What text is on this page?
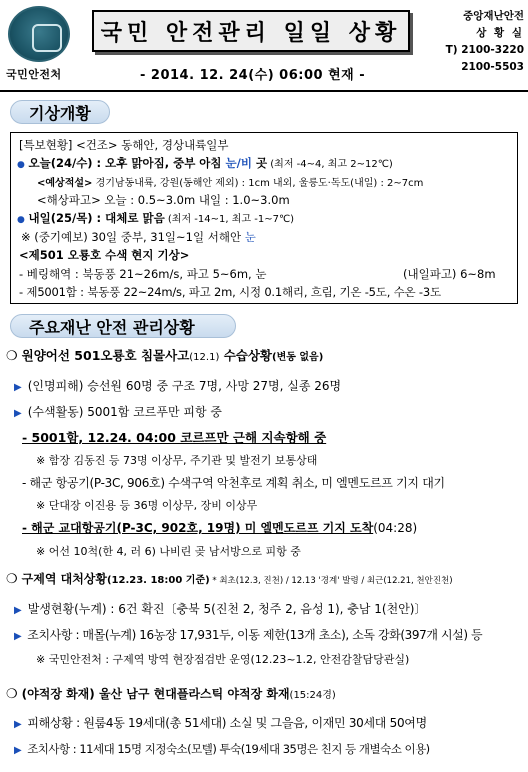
국민안전처
국민 안전관리 일일 상황
- 2014. 12. 24(수) 06:00 현재 -
중앙재난안전
상 황 실
T) 2100-3220
2100-5503
기상개황
[특보현황] <건조> 동해안, 경상내륙일부
● 오늘(24/수) : 오후 맑아짐, 중부 아침 눈/비 곳 (최저 -4~4, 최고 2~12℃)
<예상적설> 경기남동내륙, 강원(동해안 제외) : 1cm 내외, 울릉도·독도(내일) : 2~7cm
<해상파고> 오늘 : 0.5~3.0m 내일 : 1.0~3.0m
● 내일(25/목) : 대체로 맑음 (최저 -14~1, 최고 -1~7℃)
※ (중기예보) 30일 중부, 31일~1일 서해안 눈
<제501 오룡호 수색 현지 기상>
- 베링해역 : 북동풍 21~26m/s, 파고 5~6m, 눈	(내일파고) 6~8m
- 제5001함 : 북동풍 22~24m/s, 파고 2m, 시정 0.1해리, 흐림, 기온 -5도, 수온 -3도
주요재난 안전 관리상황
❍ 원양어선 501오룡호 침몰사고(12.1) 수습상황(변동 없음)
▶ (인명피해) 승선원 60명 중 구조 7명, 사망 27명, 실종 26명
▶ (수색활동) 5001함 코르푸만 피항 중
- 5001함, 12.24. 04:00 코르프만 근해 지속항해 중
※ 함장 김동진 등 73명 이상무, 주기관 및 발전기 보통상태
- 해군 항공기(P-3C, 906호) 수색구역 악천후로 계획 취소, 미 엘멘도르프 기지 대기
※ 단대장 이진용 등 36명 이상무, 장비 이상무
- 해군 교대항공기(P-3C, 902호, 19명) 미 엘멘도르프 기지 도착(04:28)
※ 어선 10척(한 4, 러 6) 나비린 곶 남서방으로 피항 중
❍ 구제역 대처상황(12.23. 18:00 기준) * 최초(12.3, 진천) / 12.13 '경계' 발령 / 최근(12.21, 천안진천)
▶ 발생현황(누계) : 6건 확진〔충북 5(진천 2, 청주 2, 음성 1), 충남 1(천안)〕
▶ 조치사항 : 매몰(누계) 16농장 17,931두, 이동 제한(13개 초소), 소독 강화(397개 시설) 등
※ 국민안전처 : 구제역 방역 현장점검반 운영(12.23~1.2, 안전감찰담당관실)
❍ (야적장 화재) 울산 남구 현대플라스틱 야적장 화재(15:24경)
▶ 피해상황 : 원룸4동 19세대(총 51세대) 소실 및 그을음, 이재민 30세대 50여명
▶ 조치사항 : 11세대 15명 지정숙소(모텔) 투숙(19세대 35명은 친지 등 개별숙소 이용)
